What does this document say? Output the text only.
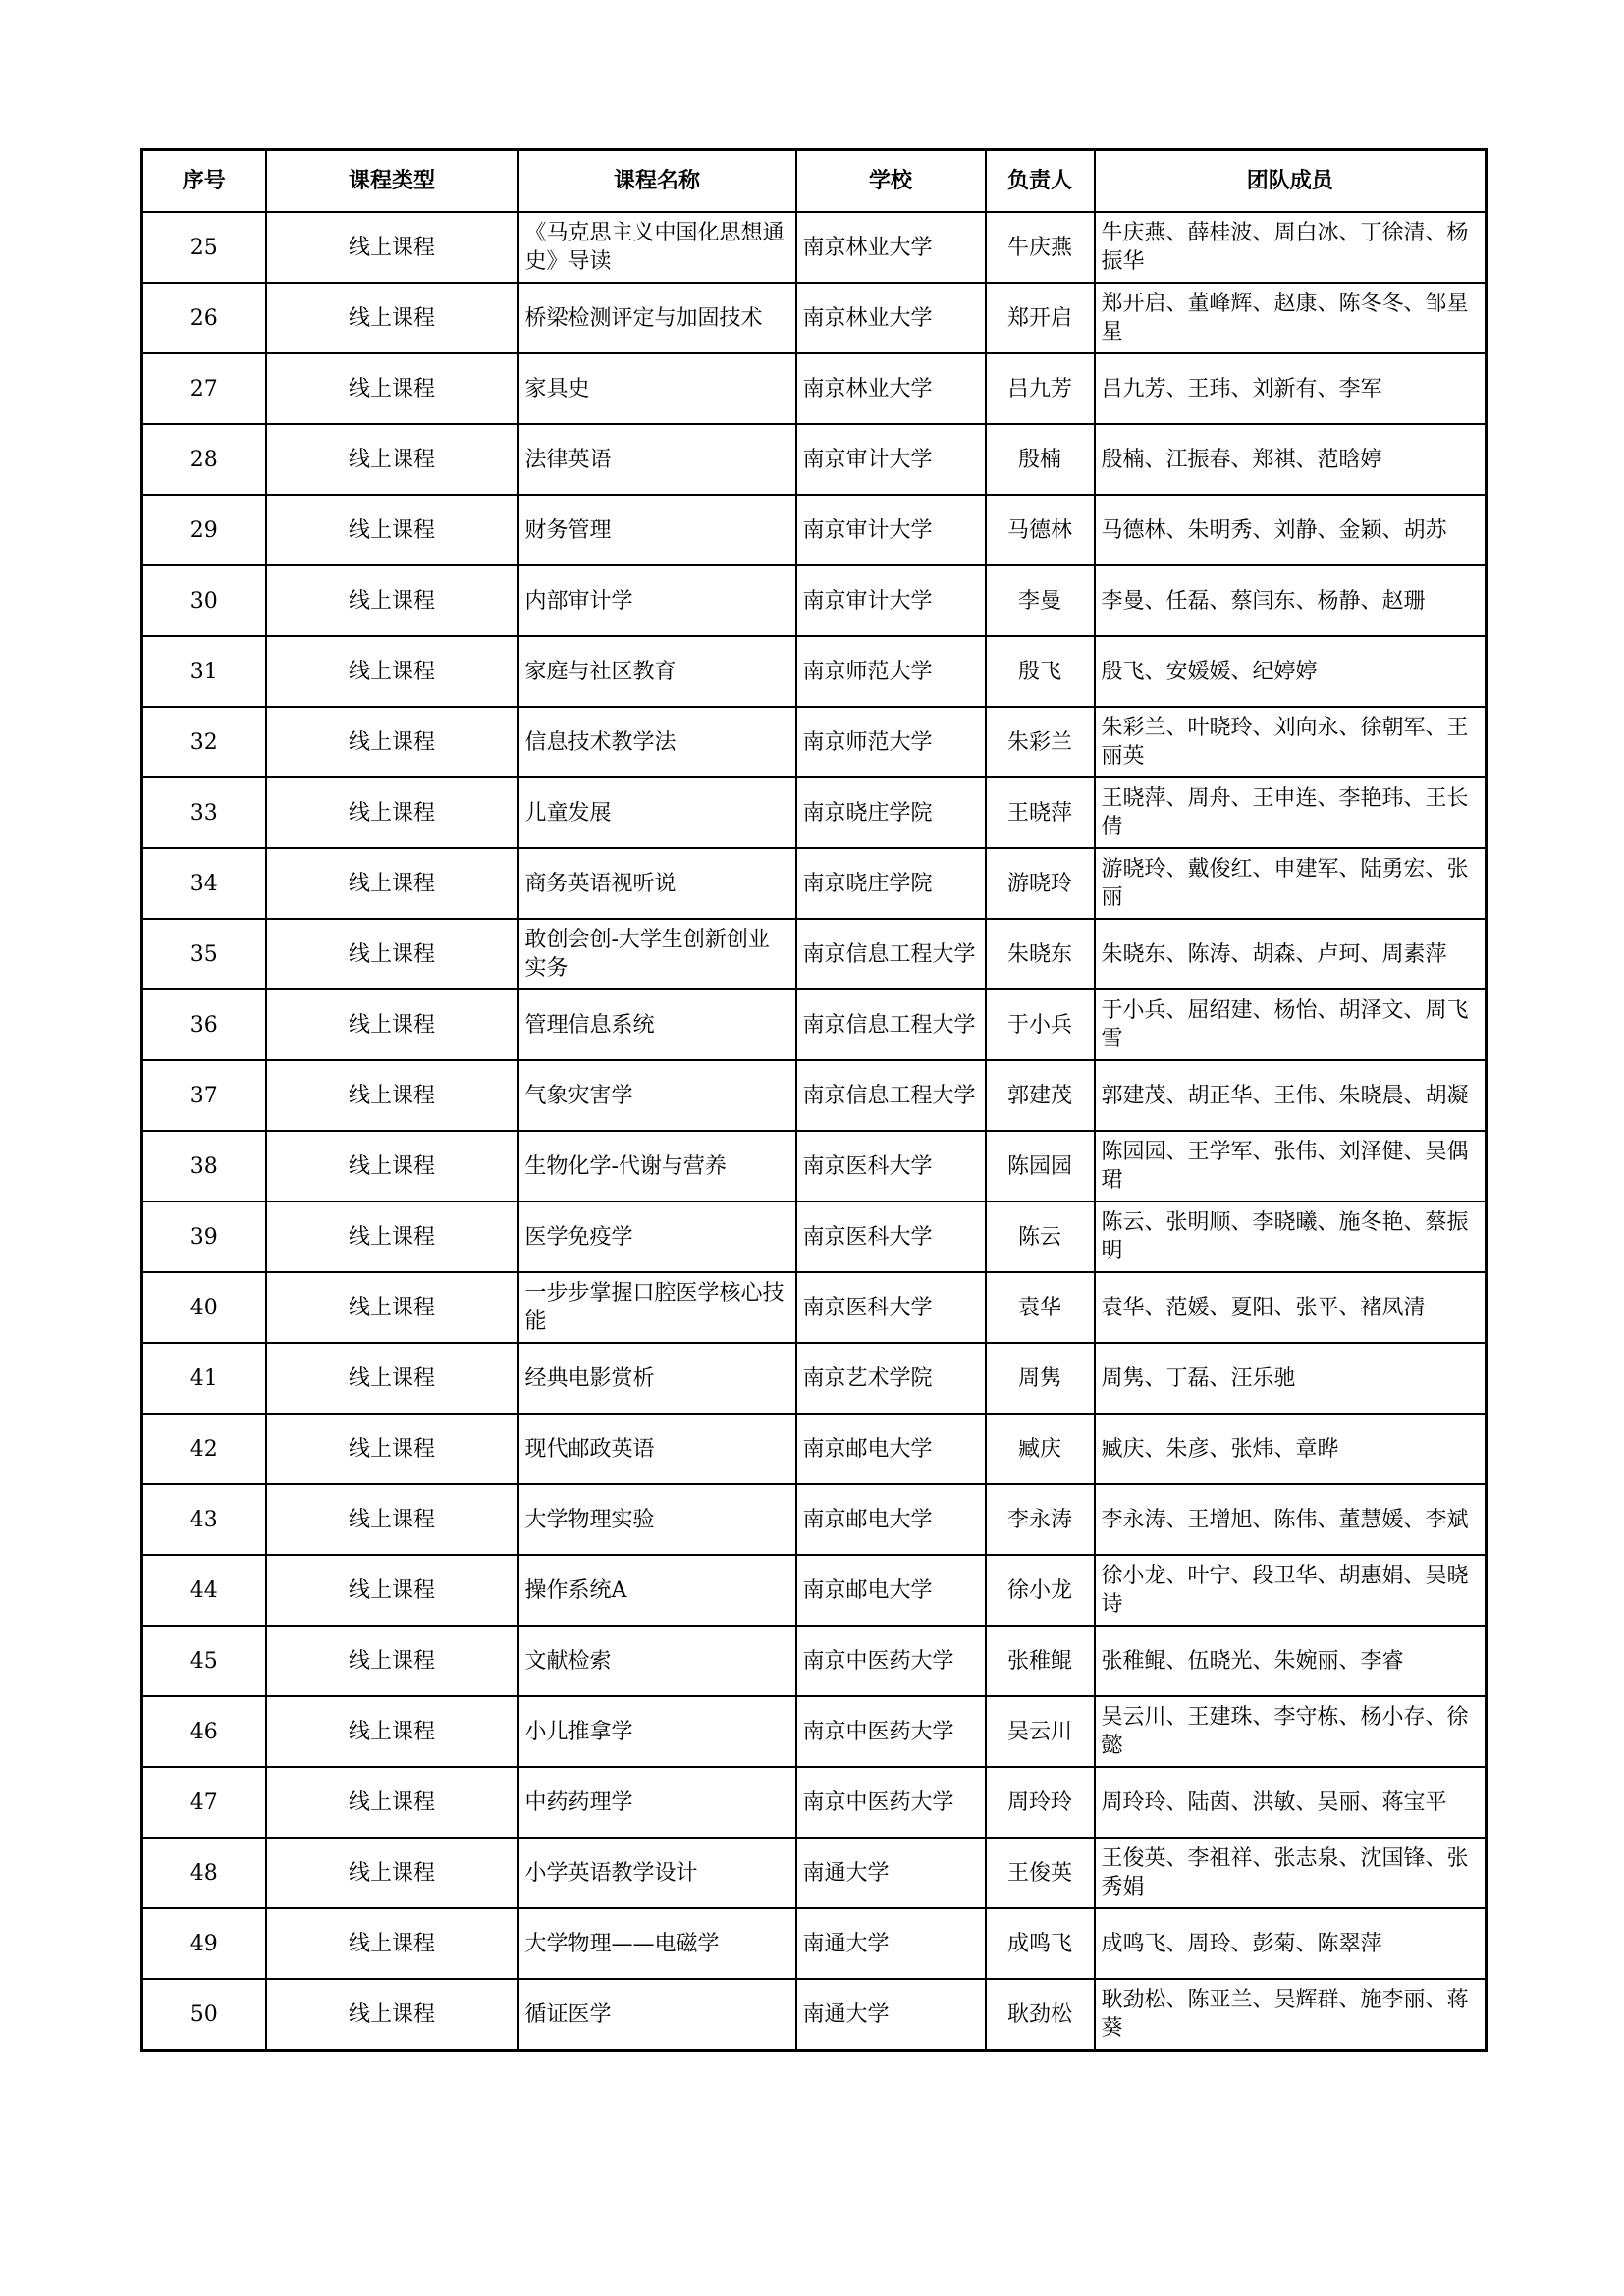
序号	课程类型	课程名称	学校	负责人	团队成员
25	线上课程	《马克思主义中国化思想通史》导读	南京林业大学	牛庆燕	牛庆燕、薛桂波、周白冰、丁徐清、杨振华
26	线上课程	桥梁检测评定与加固技术	南京林业大学	郑开启	郑开启、董峰辉、赵康、陈冬冬、邹星星
27	线上课程	家具史	南京林业大学	吕九芳	吕九芳、王玮、刘新有、李军
28	线上课程	法律英语	南京审计大学	殷楠	殷楠、江振春、郑祺、范晗婷
29	线上课程	财务管理	南京审计大学	马德林	马德林、朱明秀、刘静、金颖、胡苏
30	线上课程	内部审计学	南京审计大学	李曼	李曼、任磊、蔡闫东、杨静、赵珊
31	线上课程	家庭与社区教育	南京师范大学	殷飞	殷飞、安媛媛、纪婷婷
32	线上课程	信息技术教学法	南京师范大学	朱彩兰	朱彩兰、叶晓玲、刘向永、徐朝军、王丽英
33	线上课程	儿童发展	南京晓庄学院	王晓萍	王晓萍、周舟、王申连、李艳玮、王长倩
34	线上课程	商务英语视听说	南京晓庄学院	游晓玲	游晓玲、戴俊红、申建军、陆勇宏、张丽
35	线上课程	敢创会创-大学生创新创业实务	南京信息工程大学	朱晓东	朱晓东、陈涛、胡森、卢珂、周素萍
36	线上课程	管理信息系统	南京信息工程大学	于小兵	于小兵、屈绍建、杨怡、胡泽文、周飞雪
37	线上课程	气象灾害学	南京信息工程大学	郭建茂	郭建茂、胡正华、王伟、朱晓晨、胡凝
38	线上课程	生物化学-代谢与营养	南京医科大学	陈园园	陈园园、王学军、张伟、刘泽健、吴偶珺
39	线上课程	医学免疫学	南京医科大学	陈云	陈云、张明顺、李晓曦、施冬艳、蔡振明
40	线上课程	一步步掌握口腔医学核心技能	南京医科大学	袁华	袁华、范媛、夏阳、张平、褚凤清
41	线上课程	经典电影赏析	南京艺术学院	周隽	周隽、丁磊、汪乐驰
42	线上课程	现代邮政英语	南京邮电大学	臧庆	臧庆、朱彦、张炜、章晔
43	线上课程	大学物理实验	南京邮电大学	李永涛	李永涛、王增旭、陈伟、董慧媛、李斌
44	线上课程	操作系统A	南京邮电大学	徐小龙	徐小龙、叶宁、段卫华、胡惠娟、吴晓诗
45	线上课程	文献检索	南京中医药大学	张稚鲲	张稚鲲、伍晓光、朱婉丽、李睿
46	线上课程	小儿推拿学	南京中医药大学	吴云川	吴云川、王建珠、李守栋、杨小存、徐懿
47	线上课程	中药药理学	南京中医药大学	周玲玲	周玲玲、陆茵、洪敏、吴丽、蒋宝平
48	线上课程	小学英语教学设计	南通大学	王俊英	王俊英、李祖祥、张志泉、沈国锋、张秀娟
49	线上课程	大学物理——电磁学	南通大学	成鸣飞	成鸣飞、周玲、彭菊、陈翠萍
50	线上课程	循证医学	南通大学	耿劲松	耿劲松、陈亚兰、吴辉群、施李丽、蒋葵
